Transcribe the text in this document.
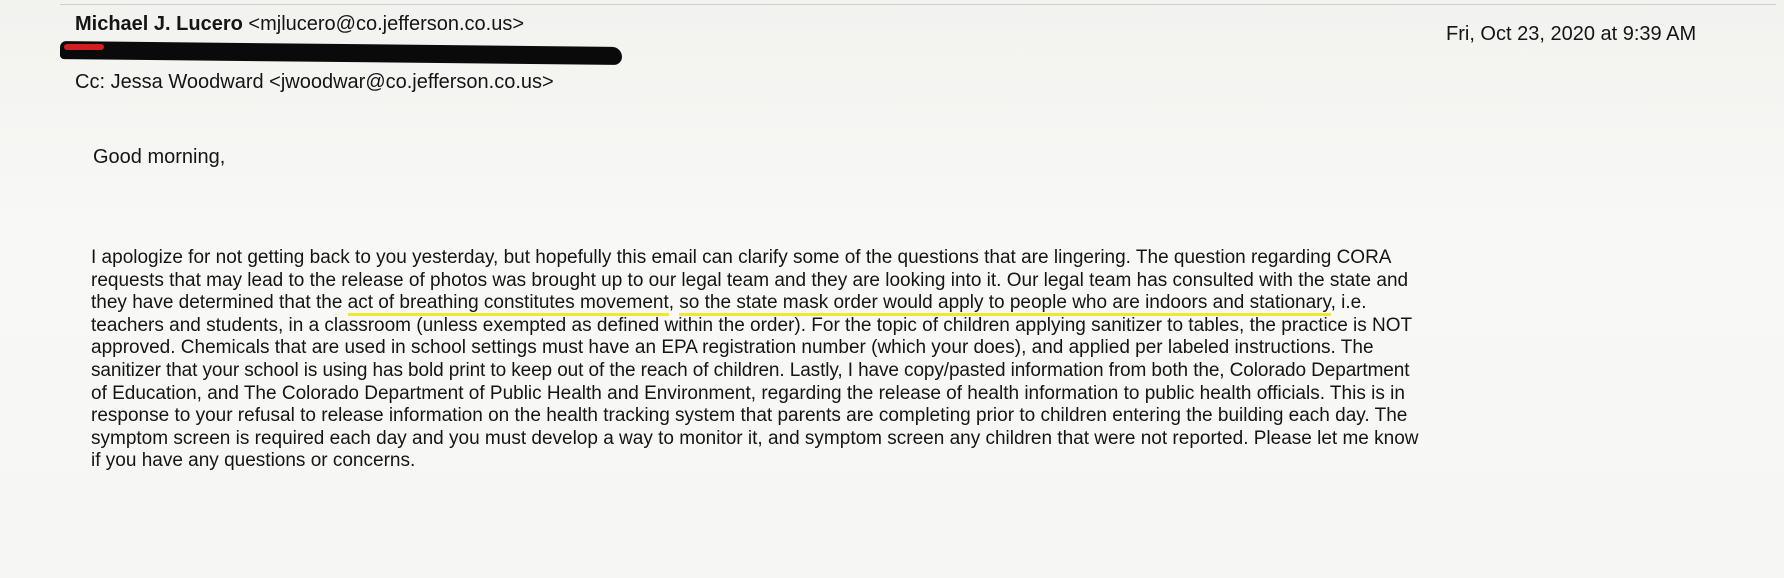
Michael J. Lucero <mjlucero@co.jefferson.co.us>	Fri, Oct 23, 2020 at 9:39 AM
Cc: Jessa Woodward <jwoodwar@co.jefferson.co.us>
Good morning,
I apologize for not getting back to you yesterday, but hopefully this email can clarify some of the questions that are lingering. The question regarding CORA
requests that may lead to the release of photos was brought up to our legal team and they are looking into it. Our legal team has consulted with the state and
they have determined that the act of breathing constitutes movement, so the state mask order would apply to people who are indoors and stationary, i.e.
teachers and students, in a classroom (unless exempted as defined within the order). For the topic of children applying sanitizer to tables, the practice is NOT
approved. Chemicals that are used in school settings must have an EPA registration number (which your does), and applied per labeled instructions. The
sanitizer that your school is using has bold print to keep out of the reach of children. Lastly, I have copy/pasted information from both the, Colorado Department
of Education, and The Colorado Department of Public Health and Environment, regarding the release of health information to public health officials. This is in
response to your refusal to release information on the health tracking system that parents are completing prior to children entering the building each day. The
symptom screen is required each day and you must develop a way to monitor it, and symptom screen any children that were not reported. Please let me know
if you have any questions or concerns.
